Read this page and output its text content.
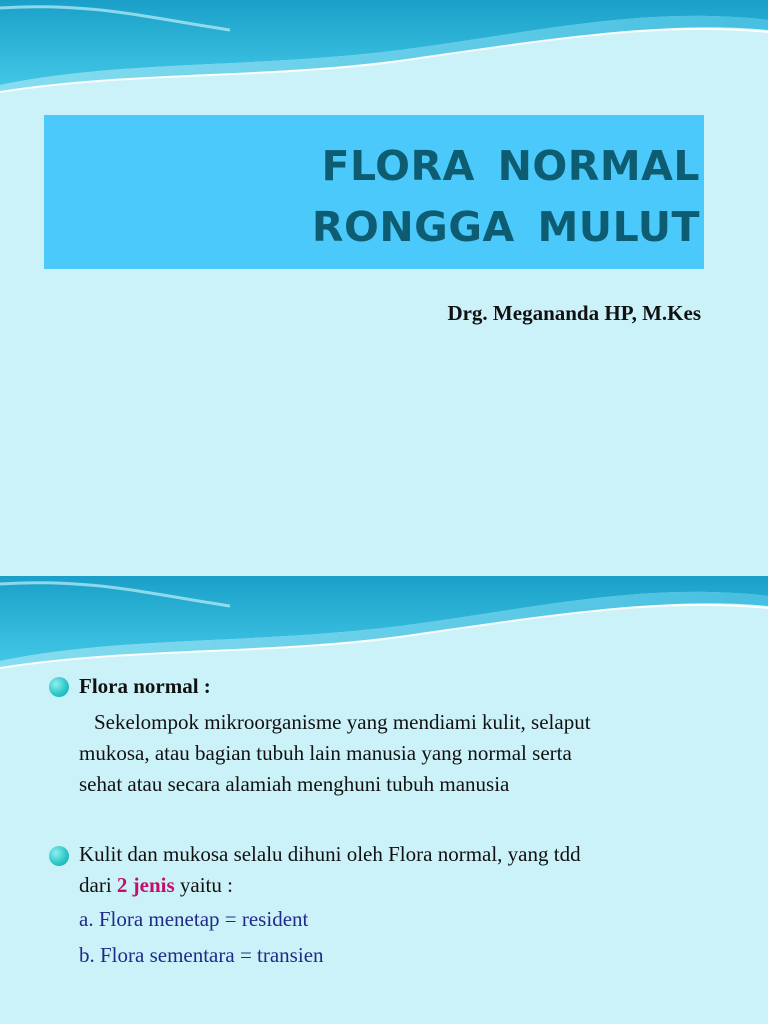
FLORA NORMAL
RONGGA MULUT
Drg. Megananda HP, M.Kes
Flora normal :
Sekelompok mikroorganisme yang mendiami kulit, selaput
mukosa, atau bagian tubuh lain manusia yang normal serta
sehat atau secara alamiah menghuni tubuh manusia
Kulit dan mukosa selalu dihuni oleh Flora normal, yang tdd
dari 2 jenis yaitu :
a. Flora menetap = resident
b. Flora sementara = transien
